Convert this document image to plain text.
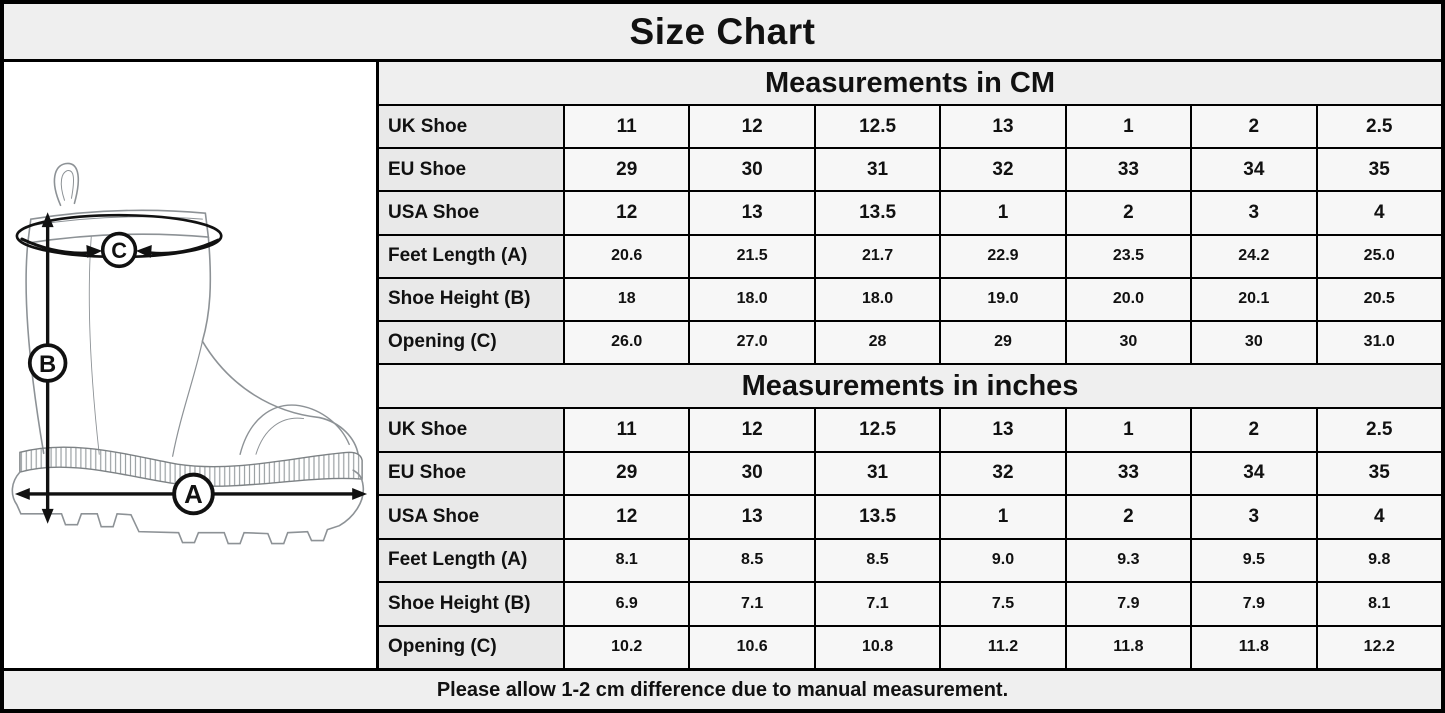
Size Chart
C
B
A
Measurements in CM
UK Shoe	11	12	12.5	13	1	2	2.5
EU Shoe	29	30	31	32	33	34	35
USA Shoe	12	13	13.5	1	2	3	4
Feet Length (A)	20.6	21.5	21.7	22.9	23.5	24.2	25.0
Shoe Height (B)	18	18.0	18.0	19.0	20.0	20.1	20.5
Opening (C)	26.0	27.0	28	29	30	30	31.0
Measurements in inches
UK Shoe	11	12	12.5	13	1	2	2.5
EU Shoe	29	30	31	32	33	34	35
USA Shoe	12	13	13.5	1	2	3	4
Feet Length (A)	8.1	8.5	8.5	9.0	9.3	9.5	9.8
Shoe Height (B)	6.9	7.1	7.1	7.5	7.9	7.9	8.1
Opening (C)	10.2	10.6	10.8	11.2	11.8	11.8	12.2
Please allow 1-2 cm difference due to manual measurement.
